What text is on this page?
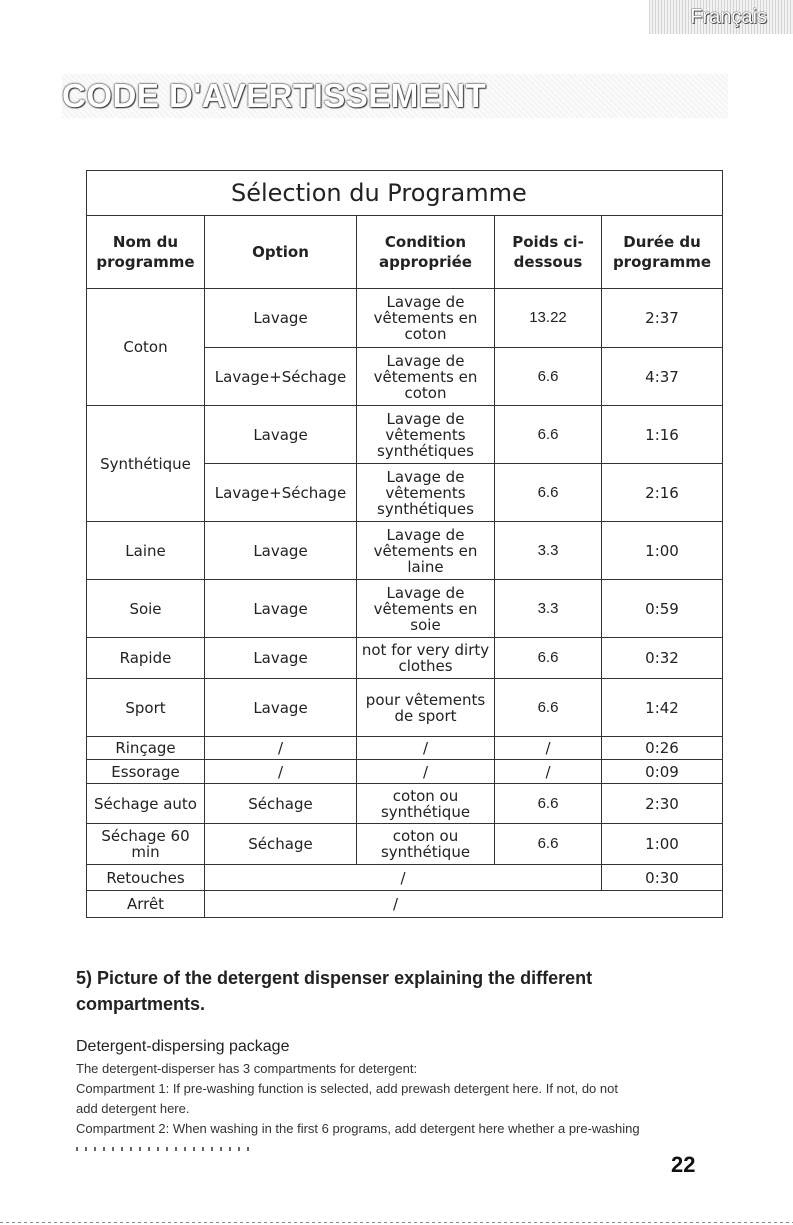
Français
CODE D'AVERTISSEMENT
Sélection du Programme				
Nom du programme	Option	Condition appropriée	Poids ci-dessous	Durée du programme
Coton	Lavage	Lavage de vêtements en coton	13.22	2:37
	Lavage+Séchage	Lavage de vêtements en coton	6.6	4:37
Synthétique	Lavage	Lavage de vêtements synthétiques	6.6	1:16
	Lavage+Séchage	Lavage de vêtements synthétiques	6.6	2:16
Laine	Lavage	Lavage de vêtements en laine	3.3	1:00
Soie	Lavage	Lavage de vêtements en soie	3.3	0:59
Rapide	Lavage	not for very dirty clothes	6.6	0:32
Sport	Lavage	pour vêtements de sport	6.6	1:42
Rinçage	/	/	/	0:26
Essorage	/	/	/	0:09
Séchage auto	Séchage	coton ou synthétique	6.6	2:30
Séchage 60 min	Séchage	coton ou synthétique	6.6	1:00
Retouches	/			0:30
Arrêt	/			
5) Picture of the detergent dispenser explaining the different compartments.
Detergent-dispersing package

The detergent-disperser has 3 compartments for detergent:

Compartment 1: If pre-washing function is selected, add prewash detergent here. If not, do not

add detergent here.

Compartment 2: When washing in the first 6 programs, add detergent here whether a pre-washing

22
